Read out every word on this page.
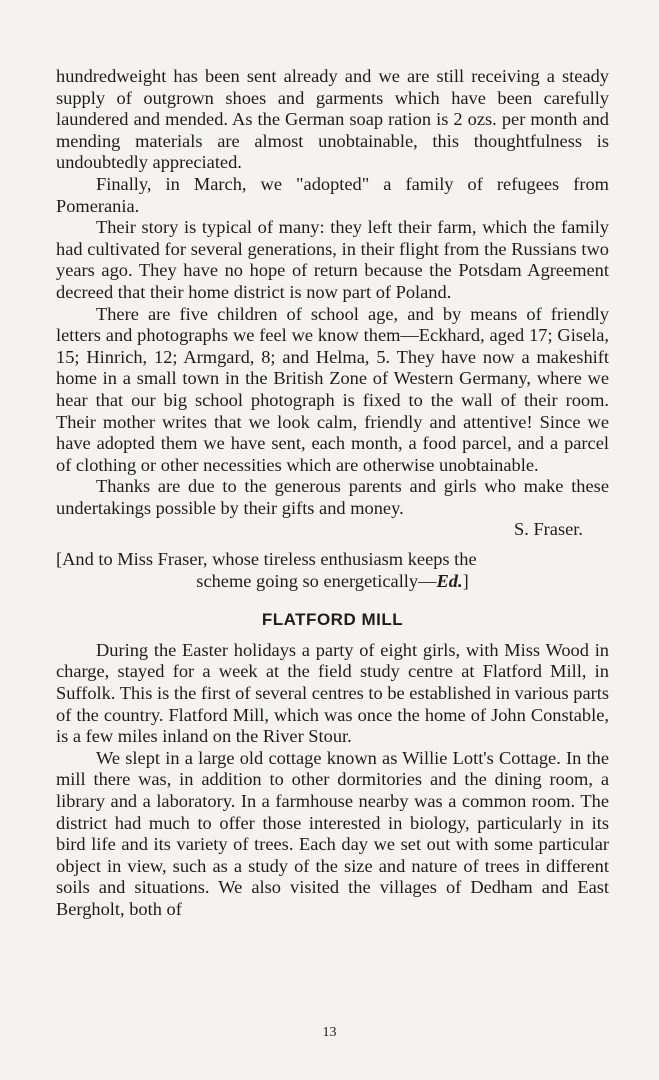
hundredweight has been sent already and we are still receiving a steady supply of outgrown shoes and garments which have been carefully laundered and mended. As the German soap ration is 2 ozs. per month and mending materials are almost unobtainable, this thoughtfulness is undoubtedly appreciated.

Finally, in March, we "adopted" a family of refugees from Pomerania.

Their story is typical of many: they left their farm, which the family had cultivated for several generations, in their flight from the Russians two years ago. They have no hope of return because the Potsdam Agreement decreed that their home district is now part of Poland.

There are five children of school age, and by means of friendly letters and photographs we feel we know them—Eckhard, aged 17; Gisela, 15; Hinrich, 12; Armgard, 8; and Helma, 5. They have now a makeshift home in a small town in the British Zone of Western Germany, where we hear that our big school photograph is fixed to the wall of their room. Their mother writes that we look calm, friendly and attentive! Since we have adopted them we have sent, each month, a food parcel, and a parcel of clothing or other necessities which are otherwise unobtainable.

Thanks are due to the generous parents and girls who make these undertakings possible by their gifts and money.

S. Fraser.

[And to Miss Fraser, whose tireless enthusiasm keeps the
scheme going so energetically—Ed.]

FLATFORD MILL

During the Easter holidays a party of eight girls, with Miss Wood in charge, stayed for a week at the field study centre at Flatford Mill, in Suffolk. This is the first of several centres to be established in various parts of the country. Flatford Mill, which was once the home of John Constable, is a few miles inland on the River Stour.

We slept in a large old cottage known as Willie Lott's Cottage. In the mill there was, in addition to other dormitories and the dining room, a library and a laboratory. In a farmhouse nearby was a common room. The district had much to offer those interested in biology, particularly in its bird life and its variety of trees. Each day we set out with some particular object in view, such as a study of the size and nature of trees in different soils and situations. We also visited the villages of Dedham and East Bergholt, both of

13
